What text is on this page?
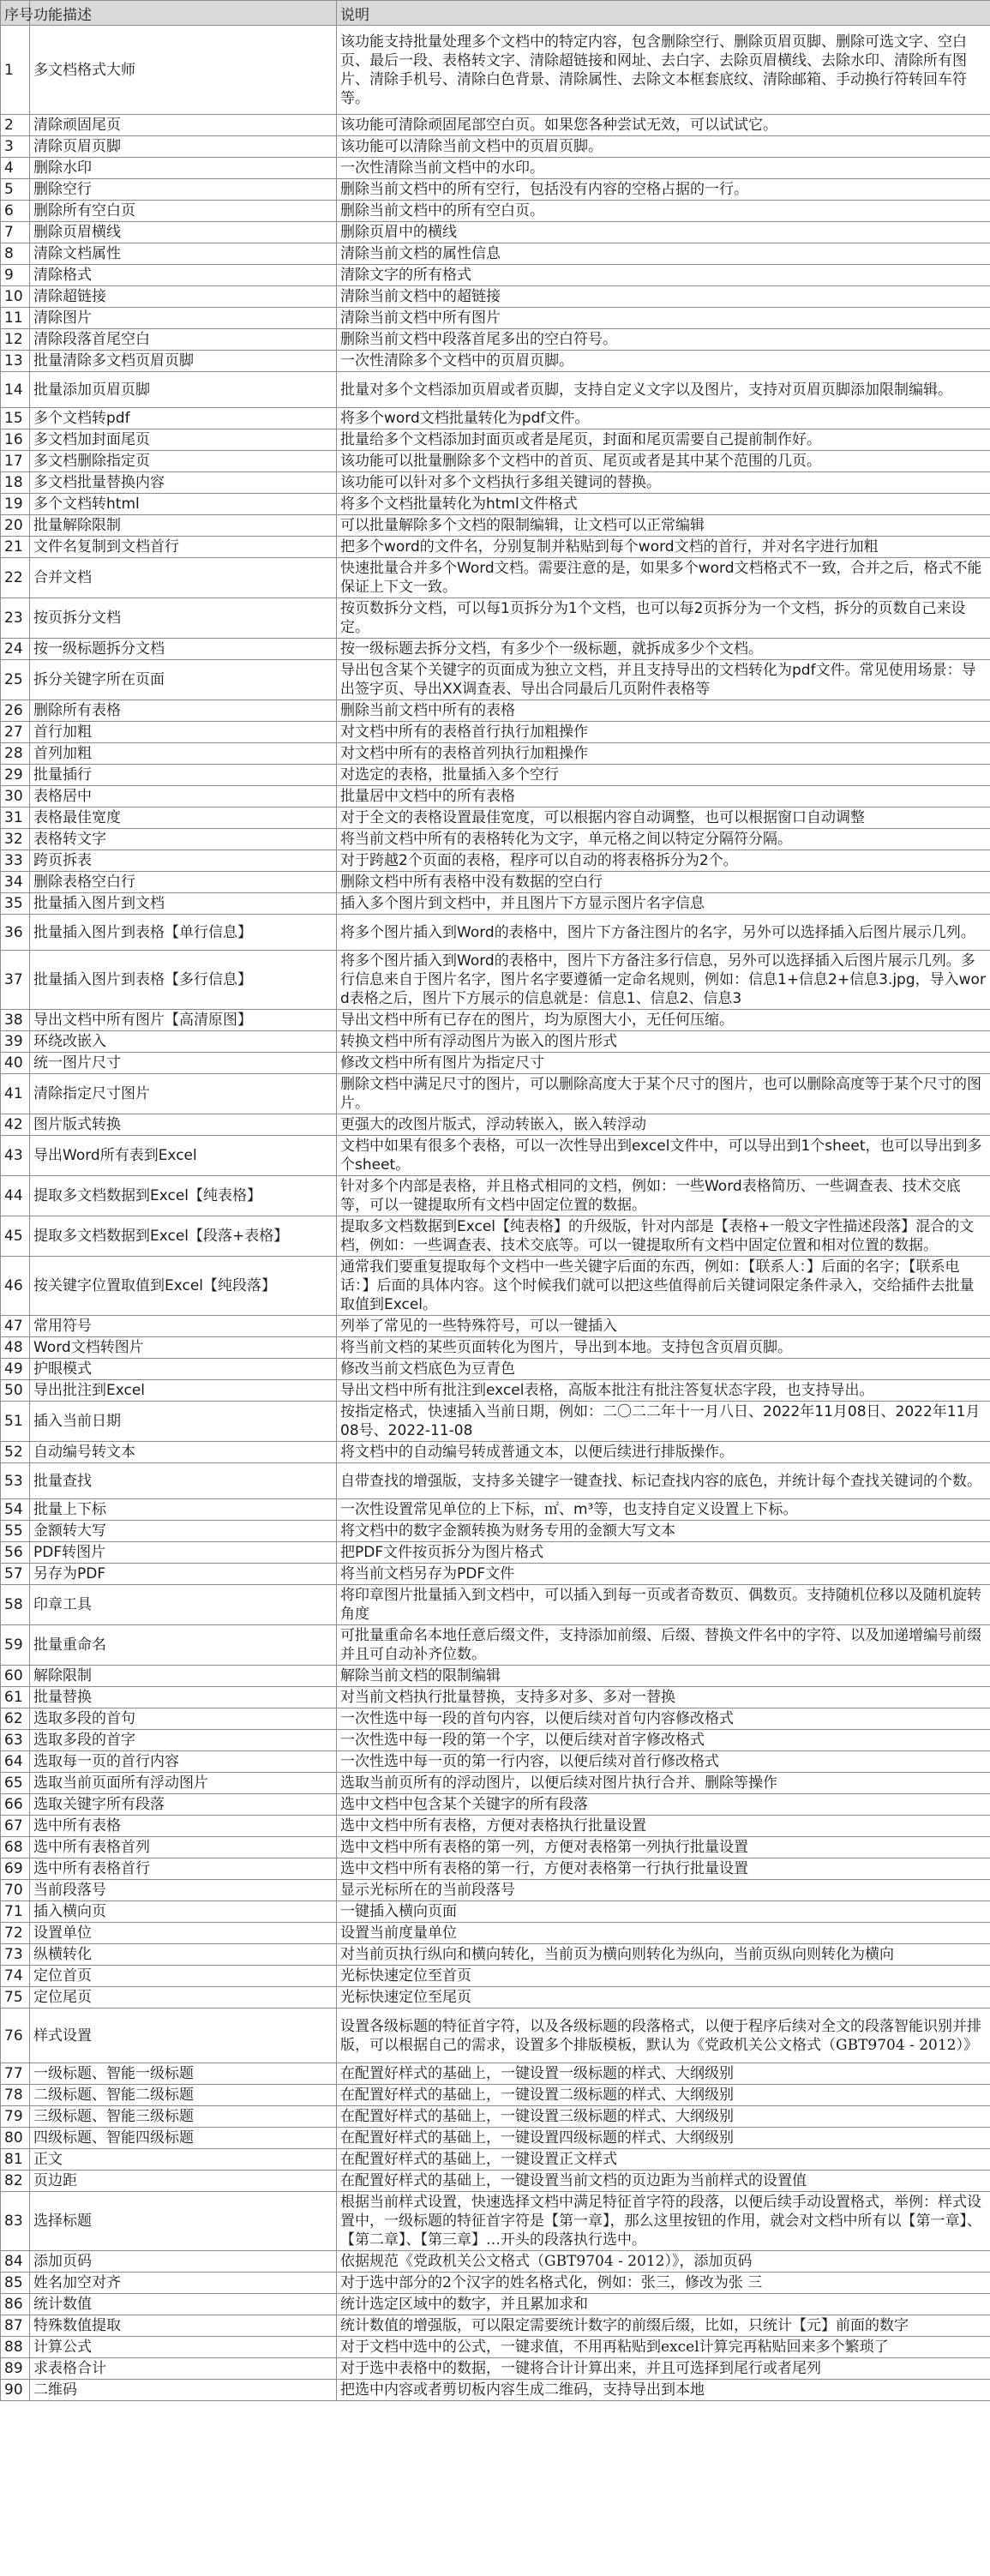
序号	功能描述	说明
1	多文档格式大师	该功能支持批量处理多个文档中的特定内容，包含删除空行、删除页眉页脚、删除可选文字、空白页、最后一段、表格转文字、清除超链接和网址、去白字、去除页眉横线、去除水印、清除所有图片、清除手机号、清除白色背景、清除属性、去除文本框套底纹、清除邮箱、手动换行符转回车符等。
2	清除顽固尾页	该功能可清除顽固尾部空白页。如果您各种尝试无效，可以试试它。
3	清除页眉页脚	该功能可以清除当前文档中的页眉页脚。
4	删除水印	一次性清除当前文档中的水印。
5	删除空行	删除当前文档中的所有空行，包括没有内容的空格占据的一行。
6	删除所有空白页	删除当前文档中的所有空白页。
7	删除页眉横线	删除页眉中的横线
8	清除文档属性	清除当前文档的属性信息
9	清除格式	清除文字的所有格式
10	清除超链接	清除当前文档中的超链接
11	清除图片	清除当前文档中所有图片
12	清除段落首尾空白	删除当前文档中段落首尾多出的空白符号。
13	批量清除多文档页眉页脚	一次性清除多个文档中的页眉页脚。
14	批量添加页眉页脚	批量对多个文档添加页眉或者页脚，支持自定义文字以及图片，支持对页眉页脚添加限制编辑。
15	多个文档转pdf	将多个word文档批量转化为pdf文件。
16	多文档加封面尾页	批量给多个文档添加封面页或者是尾页，封面和尾页需要自己提前制作好。
17	多文档删除指定页	该功能可以批量删除多个文档中的首页、尾页或者是其中某个范围的几页。
18	多文档批量替换内容	该功能可以针对多个文档执行多组关键词的替换。
19	多个文档转html	将多个文档批量转化为html文件格式
20	批量解除限制	可以批量解除多个文档的限制编辑，让文档可以正常编辑
21	文件名复制到文档首行	把多个word的文件名，分别复制并粘贴到每个word文档的首行，并对名字进行加粗
22	合并文档	快速批量合并多个Word文档。需要注意的是，如果多个word文档格式不一致，合并之后，格式不能保证上下文一致。
23	按页拆分文档	按页数拆分文档，可以每1页拆分为1个文档，也可以每2页拆分为一个文档，拆分的页数自己来设定。
24	按一级标题拆分文档	按一级标题去拆分文档，有多少个一级标题，就拆成多少个文档。
25	拆分关键字所在页面	导出包含某个关键字的页面成为独立文档，并且支持导出的文档转化为pdf文件。常见使用场景：导出签字页、导出XX调查表、导出合同最后几页附件表格等
26	删除所有表格	删除当前文档中所有的表格
27	首行加粗	对文档中所有的表格首行执行加粗操作
28	首列加粗	对文档中所有的表格首列执行加粗操作
29	批量插行	对选定的表格，批量插入多个空行
30	表格居中	批量居中文档中的所有表格
31	表格最佳宽度	对于全文的表格设置最佳宽度，可以根据内容自动调整，也可以根据窗口自动调整
32	表格转文字	将当前文档中所有的表格转化为文字，单元格之间以特定分隔符分隔。
33	跨页拆表	对于跨越2个页面的表格，程序可以自动的将表格拆分为2个。
34	删除表格空白行	删除文档中所有表格中没有数据的空白行
35	批量插入图片到文档	插入多个图片到文档中，并且图片下方显示图片名字信息
36	批量插入图片到表格【单行信息】	将多个图片插入到Word的表格中，图片下方备注图片的名字，另外可以选择插入后图片展示几列。
37	批量插入图片到表格【多行信息】	将多个图片插入到Word的表格中，图片下方备注多行信息，另外可以选择插入后图片展示几列。多行信息来自于图片名字，图片名字要遵循一定命名规则，例如：信息1+信息2+信息3.jpg，导入word表格之后，图片下方展示的信息就是：信息1、信息2、信息3
38	导出文档中所有图片【高清原图】	导出文档中所有已存在的图片，均为原图大小，无任何压缩。
39	环绕改嵌入	转换文档中所有浮动图片为嵌入的图片形式
40	统一图片尺寸	修改文档中所有图片为指定尺寸
41	清除指定尺寸图片	删除文档中满足尺寸的图片，可以删除高度大于某个尺寸的图片，也可以删除高度等于某个尺寸的图片。
42	图片版式转换	更强大的改图片版式，浮动转嵌入，嵌入转浮动
43	导出Word所有表到Excel	文档中如果有很多个表格，可以一次性导出到excel文件中，可以导出到1个sheet，也可以导出到多个sheet。
44	提取多文档数据到Excel【纯表格】	针对多个内部是表格，并且格式相同的文档，例如：一些Word表格简历、一些调查表、技术交底等，可以一键提取所有文档中固定位置的数据。
45	提取多文档数据到Excel【段落+表格】	提取多文档数据到Excel【纯表格】的升级版，针对内部是【表格+一般文字性描述段落】混合的文档，例如：一些调查表、技术交底等。可以一键提取所有文档中固定位置和相对位置的数据。
46	按关键字位置取值到Excel【纯段落】	通常我们要重复提取每个文档中一些关键字后面的东西，例如：【联系人：】后面的名字；【联系电话：】后面的具体内容。这个时候我们就可以把这些值得前后关键词限定条件录入，交给插件去批量取值到Excel。
47	常用符号	列举了常见的一些特殊符号，可以一键插入
48	Word文档转图片	将当前文档的某些页面转化为图片，导出到本地。支持包含页眉页脚。
49	护眼模式	修改当前文档底色为豆青色
50	导出批注到Excel	导出文档中所有批注到excel表格，高版本批注有批注答复状态字段，也支持导出。
51	插入当前日期	按指定格式，快速插入当前日期，例如：二〇二二年十一月八日、2022年11月08日、2022年11月08号、2022-11-08
52	自动编号转文本	将文档中的自动编号转成普通文本，以便后续进行排版操作。
53	批量查找	自带查找的增强版，支持多关键字一键查找、标记查找内容的底色，并统计每个查找关键词的个数。
54	批量上下标	一次性设置常见单位的上下标，㎡、m³等，也支持自定义设置上下标。
55	金额转大写	将文档中的数字金额转换为财务专用的金额大写文本
56	PDF转图片	把PDF文件按页拆分为图片格式
57	另存为PDF	将当前文档另存为PDF文件
58	印章工具	将印章图片批量插入到文档中，可以插入到每一页或者奇数页、偶数页。支持随机位移以及随机旋转角度
59	批量重命名	可批量重命名本地任意后缀文件，支持添加前缀、后缀、替换文件名中的字符、以及加递增编号前缀并且可自动补齐位数。
60	解除限制	解除当前文档的限制编辑
61	批量替换	对当前文档执行批量替换，支持多对多、多对一替换
62	选取多段的首句	一次性选中每一段的首句内容，以便后续对首句内容修改格式
63	选取多段的首字	一次性选中每一段的第一个字，以便后续对首字修改格式
64	选取每一页的首行内容	一次性选中每一页的第一行内容，以便后续对首行修改格式
65	选取当前页面所有浮动图片	选取当前页所有的浮动图片，以便后续对图片执行合并、删除等操作
66	选取关键字所有段落	选中文档中包含某个关键字的所有段落
67	选中所有表格	选中文档中所有表格，方便对表格执行批量设置
68	选中所有表格首列	选中文档中所有表格的第一列，方便对表格第一列执行批量设置
69	选中所有表格首行	选中文档中所有表格的第一行，方便对表格第一行执行批量设置
70	当前段落号	显示光标所在的当前段落号
71	插入横向页	一键插入横向页面
72	设置单位	设置当前度量单位
73	纵横转化	对当前页执行纵向和横向转化，当前页为横向则转化为纵向，当前页纵向则转化为横向
74	定位首页	光标快速定位至首页
75	定位尾页	光标快速定位至尾页
76	样式设置	设置各级标题的特征首字符，以及各级标题的段落格式，以便于程序后续对全文的段落智能识别并排版，可以根据自己的需求，设置多个排版模板，默认为《党政机关公文格式（GBT9704 - 2012）》
77	一级标题、智能一级标题	在配置好样式的基础上，一键设置一级标题的样式、大纲级别
78	二级标题、智能二级标题	在配置好样式的基础上，一键设置二级标题的样式、大纲级别
79	三级标题、智能三级标题	在配置好样式的基础上，一键设置三级标题的样式、大纲级别
80	四级标题、智能四级标题	在配置好样式的基础上，一键设置四级标题的样式、大纲级别
81	正文	在配置好样式的基础上，一键设置正文样式
82	页边距	在配置好样式的基础上，一键设置当前文档的页边距为当前样式的设置值
83	选择标题	根据当前样式设置，快速选择文档中满足特征首字符的段落，以便后续手动设置格式，举例：样式设置中，一级标题的特征首字符是【第一章】，那么这里按钮的作用，就会对文档中所有以【第一章】、【第二章】、【第三章】…开头的段落执行选中。
84	添加页码	依据规范《党政机关公文格式（GBT9704 - 2012）》，添加页码
85	姓名加空对齐	对于选中部分的2个汉字的姓名格式化，例如：张三，修改为张 三
86	统计数值	统计选定区域中的数字，并且累加求和
87	特殊数值提取	统计数值的增强版，可以限定需要统计数字的前缀后缀，比如，只统计【元】前面的数字
88	计算公式	对于文档中选中的公式，一键求值，不用再粘贴到excel计算完再粘贴回来多个繁琐了
89	求表格合计	对于选中表格中的数据，一键将合计计算出来，并且可选择到尾行或者尾列
90	二维码	把选中内容或者剪切板内容生成二维码，支持导出到本地
